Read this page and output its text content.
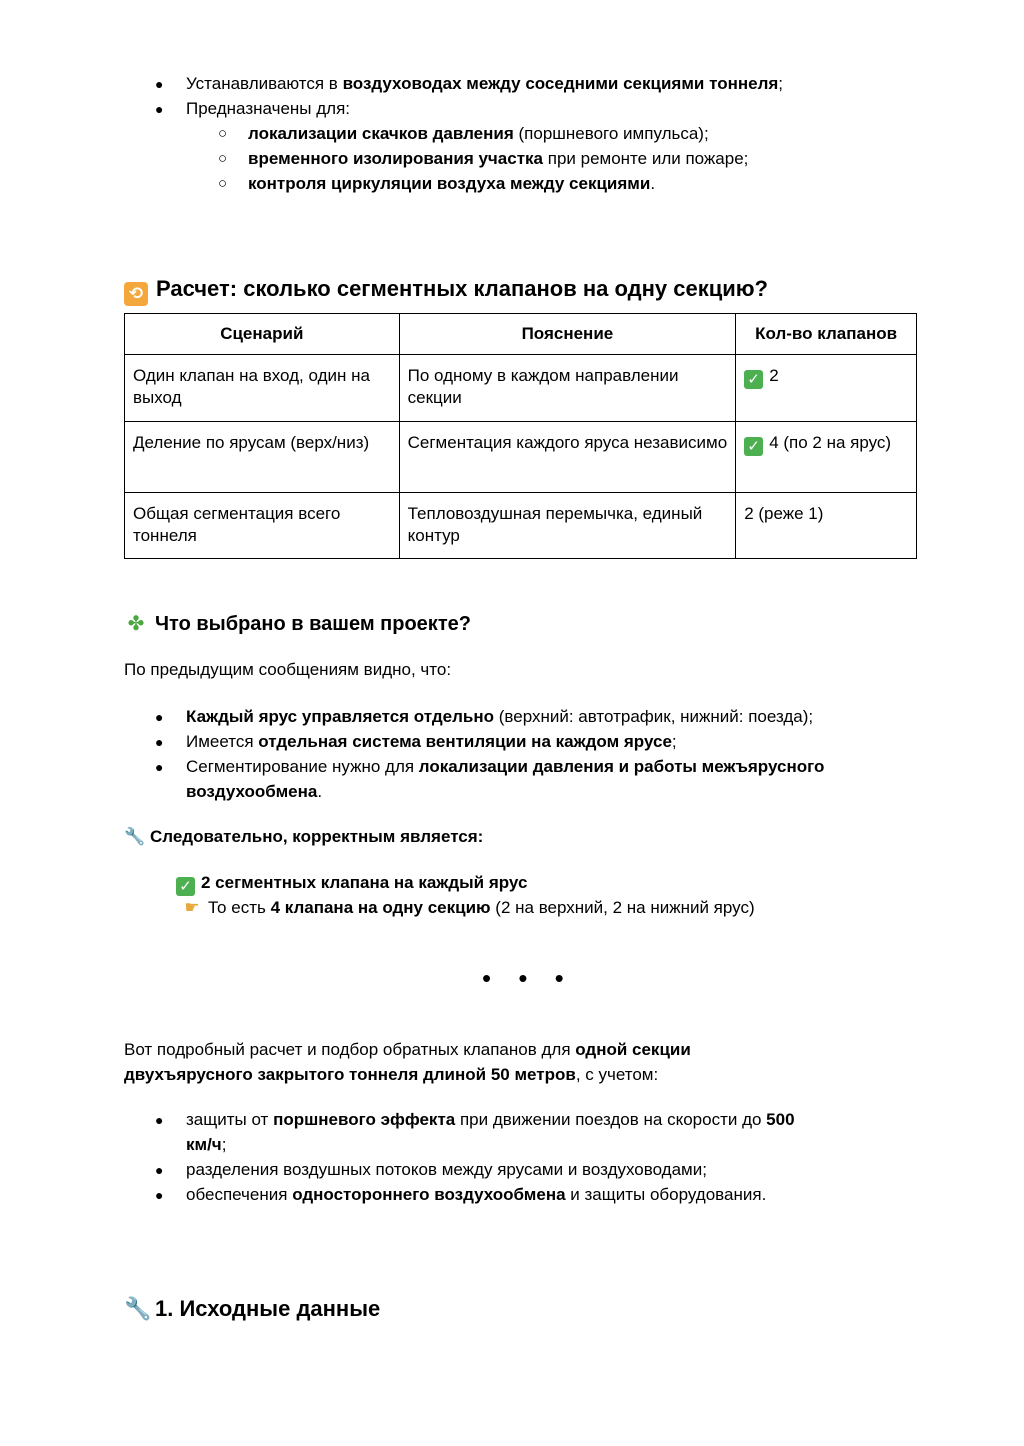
● Устанавливаются в воздуховодах между соседними секциями тоннеля;
● Предназначены для:
○ локализации скачков давления (поршневого импульса);
○ временного изолирования участка при ремонте или пожаре;
○ контроля циркуляции воздуха между секциями.
⟲ Расчет: сколько сегментных клапанов на одну секцию?
Сценарий	Пояснение	Кол-во клапанов
Один клапан на вход, один на выход	По одному в каждом направлении секции	✓ 2
Деление по ярусам (верх/низ)	Сегментация каждого яруса независимо	✓ 4 (по 2 на ярус)
Общая сегментация всего тоннеля	Тепловоздушная перемычка, единый контур	2 (реже 1)
✤ Что выбрано в вашем проекте?
По предыдущим сообщениям видно, что:
● Каждый ярус управляется отдельно (верхний: автотрафик, нижний: поезда);
● Имеется отдельная система вентиляции на каждом ярусе;
● Сегментирование нужно для локализации давления и работы межъярусного
воздухообмена.
🔧 Следовательно, корректным является:
✓ 2 сегментных клапана на каждый ярус
☛ То есть 4 клапана на одну секцию (2 на верхний, 2 на нижний ярус)
• • •
Вот подробный расчет и подбор обратных клапанов для одной секции
двухъярусного закрытого тоннеля длиной 50 метров, с учетом:
● защиты от поршневого эффекта при движении поездов на скорости до 500
км/ч;
● разделения воздушных потоков между ярусами и воздуховодами;
● обеспечения одностороннего воздухообмена и защиты оборудования.
🔧 1. Исходные данные
